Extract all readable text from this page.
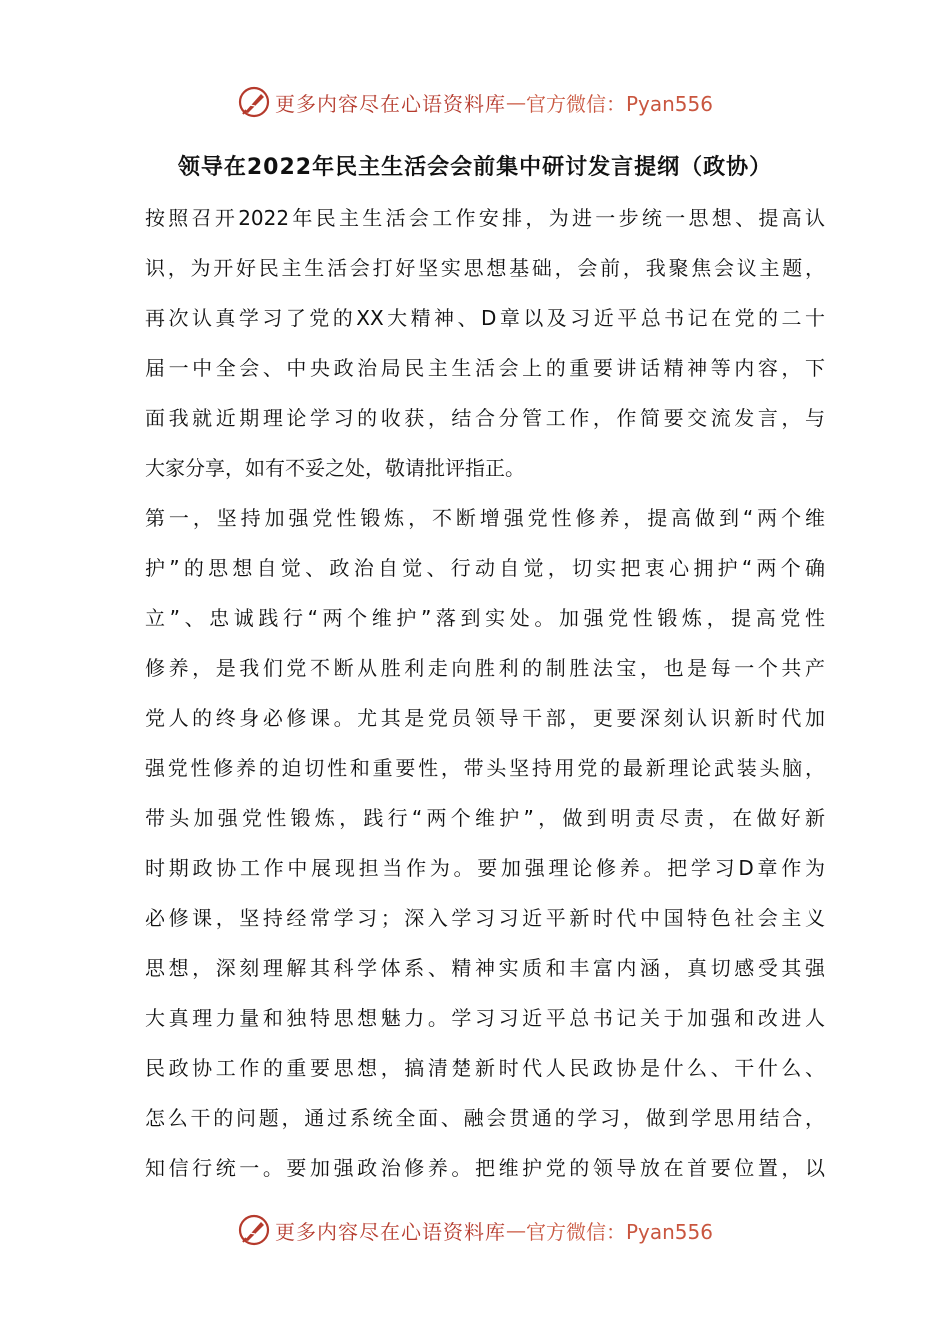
更多内容尽在心语资料库 — 官方微信：Pyan556
领导在2022年民主生活会会前集中研讨发言提纲（政协）
按照召开2022年民主生活会工作安排，为进一步统一思想、提高认
识，为开好民主生活会打好坚实思想基础，会前，我聚焦会议主题，
再次认真学习了党的XX大精神、D章以及习近平总书记在党的二十
届一中全会、中央政治局民主生活会上的重要讲话精神等内容，下
面我就近期理论学习的收获，结合分管工作，作简要交流发言，与
大家分享，如有不妥之处，敬请批评指正。
第一，坚持加强党性锻炼，不断增强党性修养，提高做到“两个维
护”的思想自觉、政治自觉、行动自觉，切实把衷心拥护“两个确
立”、忠诚践行“两个维护”落到实处。加强党性锻炼，提高党性
修养，是我们党不断从胜利走向胜利的制胜法宝，也是每一个共产
党人的终身必修课。尤其是党员领导干部，更要深刻认识新时代加
强党性修养的迫切性和重要性，带头坚持用党的最新理论武装头脑，
带头加强党性锻炼，践行“两个维护”，做到明责尽责，在做好新
时期政协工作中展现担当作为。要加强理论修养。把学习D章作为
必修课，坚持经常学习；深入学习习近平新时代中国特色社会主义
思想，深刻理解其科学体系、精神实质和丰富内涵，真切感受其强
大真理力量和独特思想魅力。学习习近平总书记关于加强和改进人
民政协工作的重要思想，搞清楚新时代人民政协是什么、干什么、
怎么干的问题，通过系统全面、融会贯通的学习，做到学思用结合，
知信行统一。要加强政治修养。把维护党的领导放在首要位置，以
更多内容尽在心语资料库 — 官方微信：Pyan556
